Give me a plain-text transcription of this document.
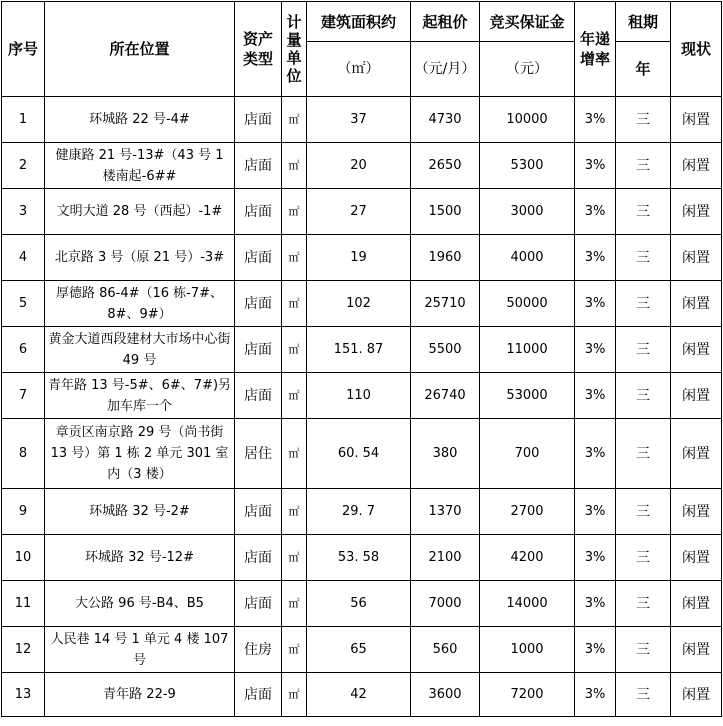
序号	所在位置	资产类型	计量单位	建筑面积约	起租价	竞买保证金	年递增率	租期	现状
				（㎡）	（元/月）	（元）		年	
1	环城路 22 号-4#	店面	㎡	37	4730	10000	3%	三	闲置
2	健康路 21 号-13#（43 号 1 楼南起-6##	店面	㎡	20	2650	5300	3%	三	闲置
3	文明大道 28 号（西起）-1#	店面	㎡	27	1500	3000	3%	三	闲置
4	北京路 3 号（原 21 号）-3#	店面	㎡	19	1960	4000	3%	三	闲置
5	厚德路 86-4#（16 栋-7#、8#、9#）	店面	㎡	102	25710	50000	3%	三	闲置
6	黄金大道西段建材大市场中心街 49 号	店面	㎡	151. 87	5500	11000	3%	三	闲置
7	青年路 13 号-5#、6#、7#)另加车库一个	店面	㎡	110	26740	53000	3%	三	闲置
8	章贡区南京路 29 号（尚书街 13 号）第 1 栋 2 单元 301 室内（3 楼）	居住	㎡	60. 54	380	700	3%	三	闲置
9	环城路 32 号-2#	店面	㎡	29. 7	1370	2700	3%	三	闲置
10	环城路 32 号-12#	店面	㎡	53. 58	2100	4200	3%	三	闲置
11	大公路 96 号-B4、B5	店面	㎡	56	7000	14000	3%	三	闲置
12	人民巷 14 号 1 单元 4 楼 107 号	住房	㎡	65	560	1000	3%	三	闲置
13	青年路 22-9	店面	㎡	42	3600	7200	3%	三	闲置
